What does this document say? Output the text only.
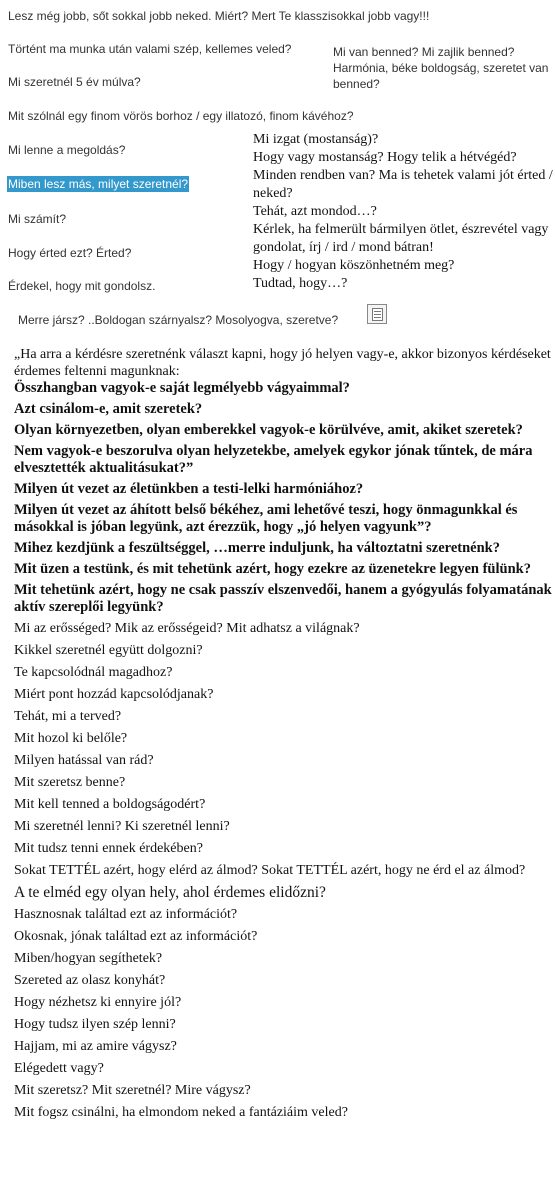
Lesz még jobb, sőt sokkal jobb neked. Miért? Mert Te klasszisokkal jobb vagy!!!
Történt ma munka után valami szép, kellemes veled?
Mi szeretnél 5 év múlva?
Mit szólnál egy finom vörös borhoz / egy illatozó, finom kávéhoz?
Mi lenne a megoldás?
Miben lesz más, milyet szeretnél?
Mi számít?
Hogy érted ezt? Érted?
Érdekel, hogy mit gondolsz.
Mi van benned? Mi zajlik benned? Harmónia, béke boldogság, szeretet van benned?
Mi izgat (mostanság)?
Hogy vagy mostanság? Hogy telik a hétvégéd?
Minden rendben van? Ma is tehetek valami jót érted / neked?
Tehát, azt mondod…?
Kérlek, ha felmerült bármilyen ötlet, észrevétel vagy gondolat, írj / ird / mond bátran!
Hogy / hogyan köszönhetném meg?
Tudtad, hogy…?
Merre jársz? ..Boldogan szárnyalsz? Mosolyogva, szeretve?

„Ha arra a kérdésre szeretnénk választ kapni, hogy jó helyen vagy-e, akkor bizonyos kérdéseket érdemes feltenni magunknak:

Összhangban vagyok-e saját legmélyebb vágyaimmal?

Azt csinálom-e, amit szeretek?

Olyan környezetben, olyan emberekkel vagyok-e körülvéve, amit, akiket szeretek?

Nem vagyok-e beszorulva olyan helyzetekbe, amelyek egykor jónak tűntek, de mára elvesztették aktualitásukat?”

Milyen út vezet az életünkben a testi-lelki harmóniához?

Milyen út vezet az áhított belső békéhez, ami lehetővé teszi, hogy önmagunkkal és másokkal is jóban legyünk, azt érezzük, hogy „jó helyen vagyunk”?

Mihez kezdjünk a feszültséggel, …merre induljunk, ha változtatni szeretnénk?

Mit üzen a testünk, és mit tehetünk azért, hogy ezekre az üzenetekre legyen fülünk?

Mit tehetünk azért, hogy ne csak passzív elszenvedői, hanem a gyógyulás folyamatának aktív szereplői legyünk?

Mi az erősséged? Mik az erősségeid? Mit adhatsz a világnak?

Kikkel szeretnél együtt dolgozni?

Te kapcsolódnál magadhoz?

Miért pont hozzád kapcsolódjanak?

Tehát, mi a terved?

Mit hozol ki belőle?

Milyen hatással van rád?

Mit szeretsz benne?

Mit kell tenned a boldogságodért?

Mi szeretnél lenni? Ki szeretnél lenni?

Mit tudsz tenni ennek érdekében?

Sokat TETTÉL azért, hogy elérd az álmod? Sokat TETTÉL azért, hogy ne érd el az álmod?

A te elméd egy olyan hely, ahol érdemes elidőzni?

Hasznosnak találtad ezt az információt?

Okosnak, jónak találtad ezt az információt?

Miben/hogyan segíthetek?

Szereted az olasz konyhát?

Hogy nézhetsz ki ennyire jól?

Hogy tudsz ilyen szép lenni?

Hajjam, mi az amire vágysz?

Elégedett vagy?

Mit szeretsz? Mit szeretnél? Mire vágysz?

Mit fogsz csinálni, ha elmondom neked a fantáziáim veled?
